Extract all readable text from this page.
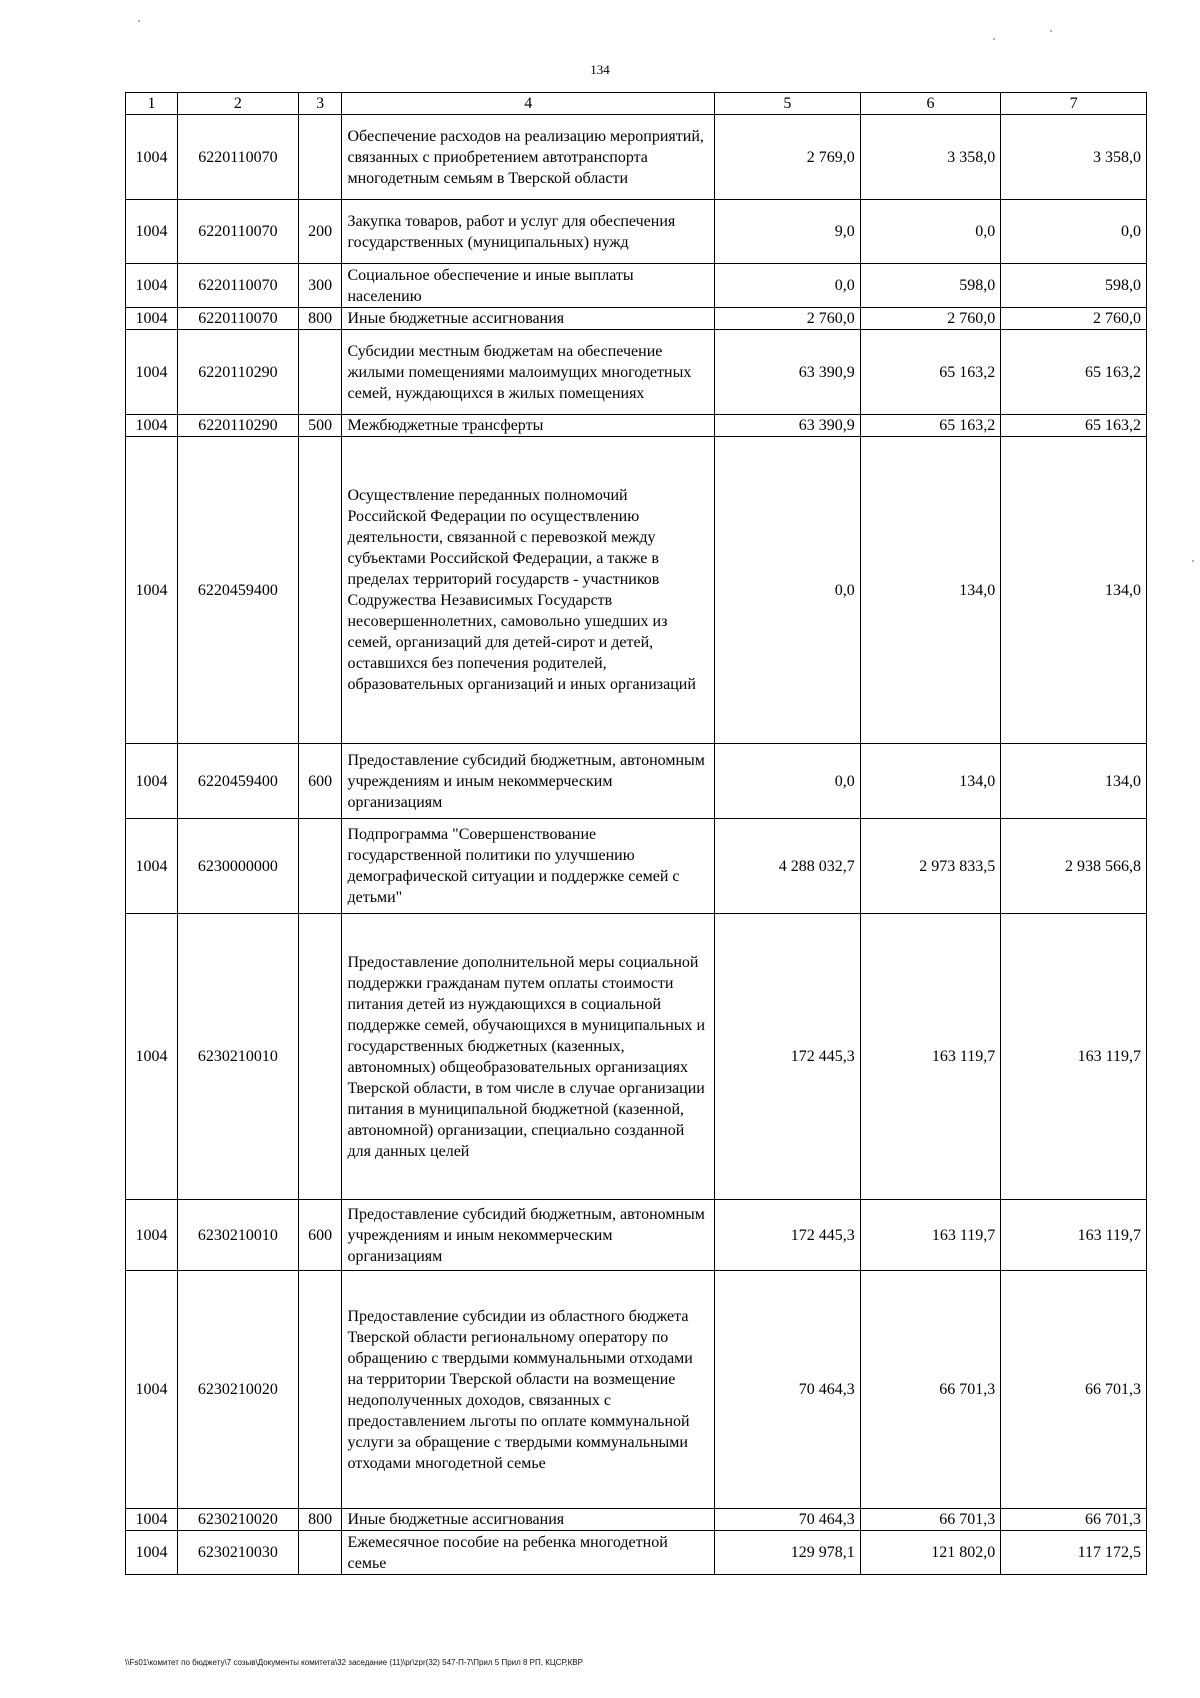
134
1	2	3	4	5	6	7
1004	6220110070		Обеспечение расходов на реализацию мероприятий, связанных с приобретением автотранспорта многодетным семьям в Тверской области	2 769,0	3 358,0	3 358,0
1004	6220110070	200	Закупка товаров, работ и услуг для обеспечения государственных (муниципальных) нужд	9,0	0,0	0,0
1004	6220110070	300	Социальное обеспечение и иные выплаты населению	0,0	598,0	598,0
1004	6220110070	800	Иные бюджетные ассигнования	2 760,0	2 760,0	2 760,0
1004	6220110290		Субсидии местным бюджетам на обеспечение жилыми помещениями малоимущих многодетных семей, нуждающихся в жилых помещениях	63 390,9	65 163,2	65 163,2
1004	6220110290	500	Межбюджетные трансферты	63 390,9	65 163,2	65 163,2
1004	6220459400		Осуществление переданных полномочий Российской Федерации по осуществлению деятельности, связанной с перевозкой между субъектами Российской Федерации, а также в пределах территорий государств - участников Содружества Независимых Государств несовершеннолетних, самовольно ушедших из семей, организаций для детей-сирот и детей, оставшихся без попечения родителей, образовательных организаций и иных организаций	0,0	134,0	134,0
1004	6220459400	600	Предоставление субсидий бюджетным, автономным учреждениям и иным некоммерческим организациям	0,0	134,0	134,0
1004	6230000000		Подпрограмма "Совершенствование государственной политики по улучшению демографической ситуации и поддержке семей с детьми"	4 288 032,7	2 973 833,5	2 938 566,8
1004	6230210010		Предоставление дополнительной меры социальной поддержки гражданам путем оплаты стоимости питания детей из нуждающихся в социальной поддержке семей, обучающихся в муниципальных и государственных бюджетных (казенных, автономных) общеобразовательных организациях Тверской области, в том числе в случае организации питания в муниципальной бюджетной (казенной, автономной) организации, специально созданной для данных целей	172 445,3	163 119,7	163 119,7
1004	6230210010	600	Предоставление субсидий бюджетным, автономным учреждениям и иным некоммерческим организациям	172 445,3	163 119,7	163 119,7
1004	6230210020		Предоставление субсидии из областного бюджета Тверской области региональному оператору по обращению с твердыми коммунальными отходами на территории Тверской области на возмещение недополученных доходов, связанных с предоставлением льготы по оплате коммунальной услуги за обращение с твердыми коммунальными отходами многодетной семье	70 464,3	66 701,3	66 701,3
1004	6230210020	800	Иные бюджетные ассигнования	70 464,3	66 701,3	66 701,3
1004	6230210030		Ежемесячное пособие на ребенка многодетной семье	129 978,1	121 802,0	117 172,5
\\Fs01\комитет по бюджету\7 созыв\Документы комитета\32 заседание (11)\pr\zpr(32) 547-П-7\Прил 5 Прил 8 РП, КЦСР,КВР
